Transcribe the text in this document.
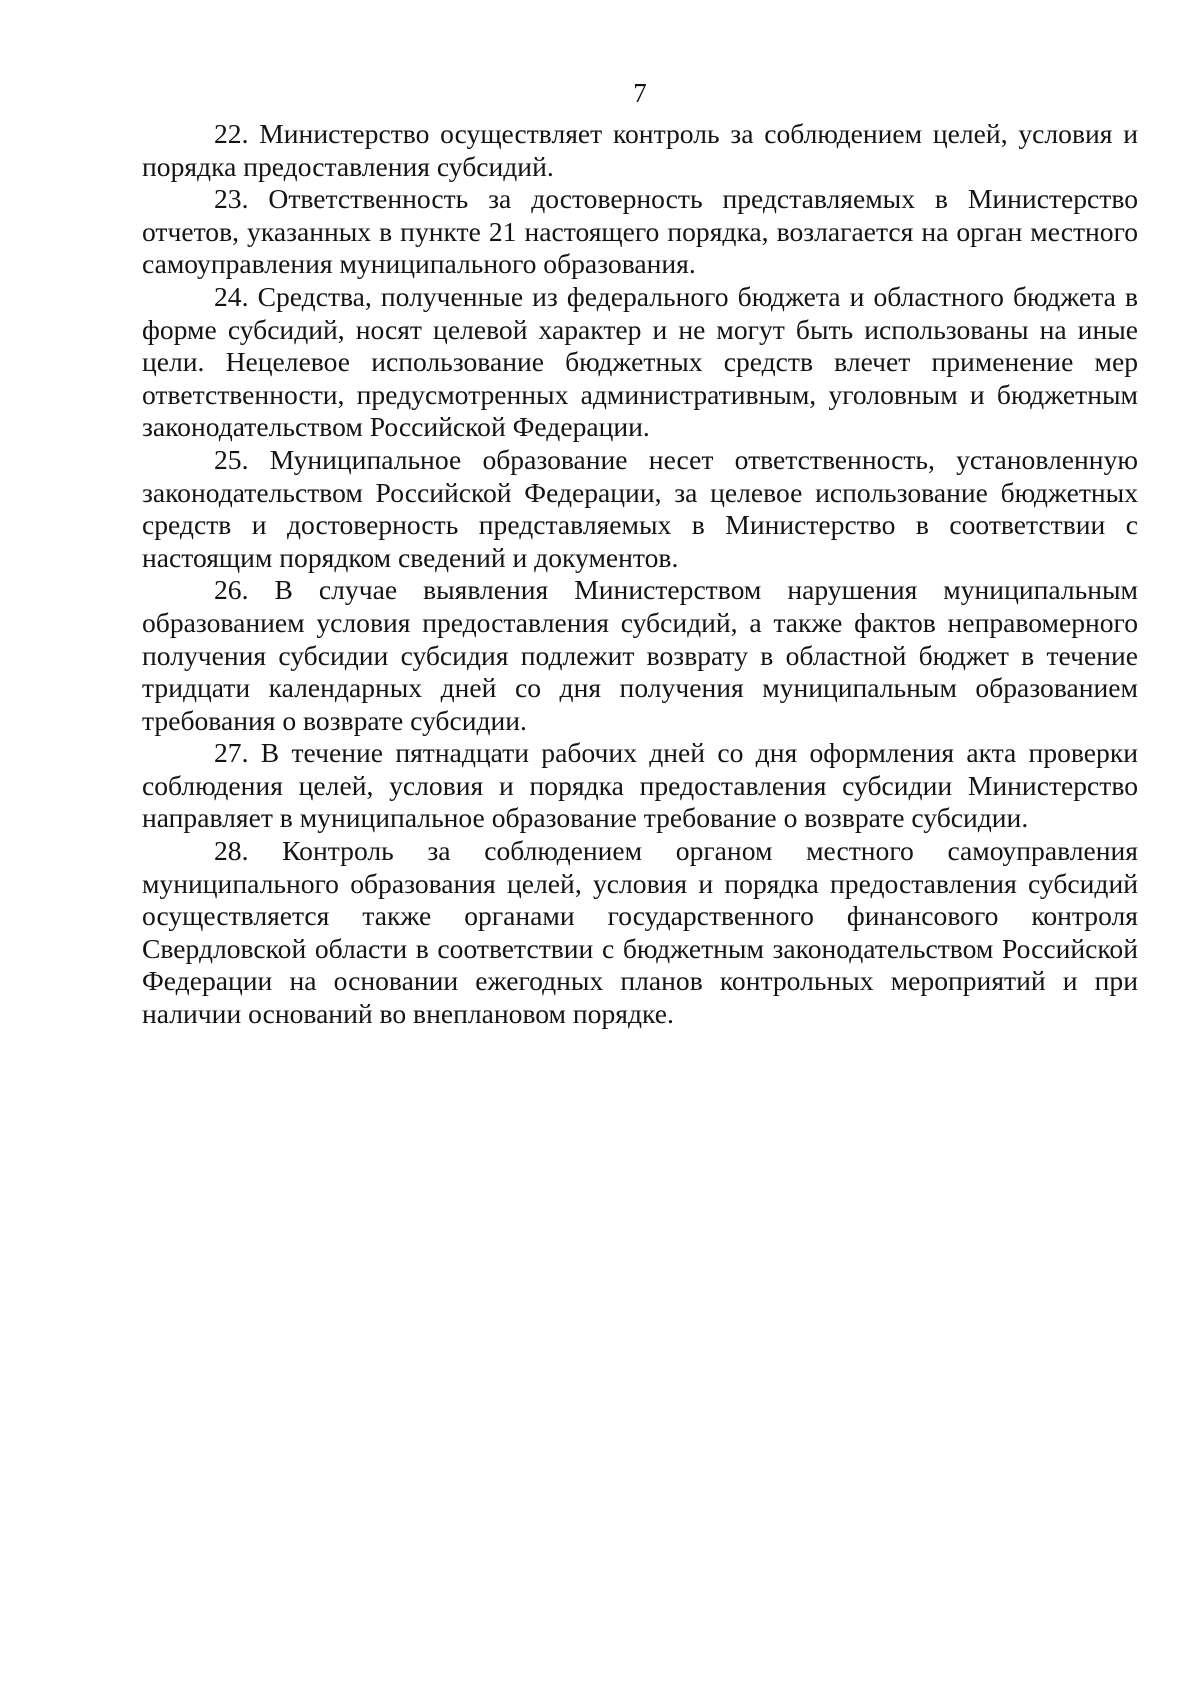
7

22. Министерство осуществляет контроль за соблюдением целей, условия и порядка предоставления субсидий.

23. Ответственность за достоверность представляемых в Министерство отчетов, указанных в пункте 21 настоящего порядка, возлагается на орган местного самоуправления муниципального образования.

24. Средства, полученные из федерального бюджета и областного бюджета в форме субсидий, носят целевой характер и не могут быть использованы на иные цели. Нецелевое использование бюджетных средств влечет применение мер ответственности, предусмотренных административным, уголовным и бюджетным законодательством Российской Федерации.

25. Муниципальное образование несет ответственность, установленную законодательством Российской Федерации, за целевое использование бюджетных средств и достоверность представляемых в Министерство в соответствии с настоящим порядком сведений и документов.

26. В случае выявления Министерством нарушения муниципальным образованием условия предоставления субсидий, а также фактов неправомерного получения субсидии субсидия подлежит возврату в областной бюджет в течение тридцати календарных дней со дня получения муниципальным образованием требования о возврате субсидии.

27. В течение пятнадцати рабочих дней со дня оформления акта проверки соблюдения целей, условия и порядка предоставления субсидии Министерство направляет в муниципальное образование требование о возврате субсидии.

28. Контроль за соблюдением органом местного самоуправления муниципального образования целей, условия и порядка предоставления субсидий осуществляется также органами государственного финансового контроля Свердловской области в соответствии с бюджетным законодательством Российской Федерации на основании ежегодных планов контрольных мероприятий и при наличии оснований во внеплановом порядке.
